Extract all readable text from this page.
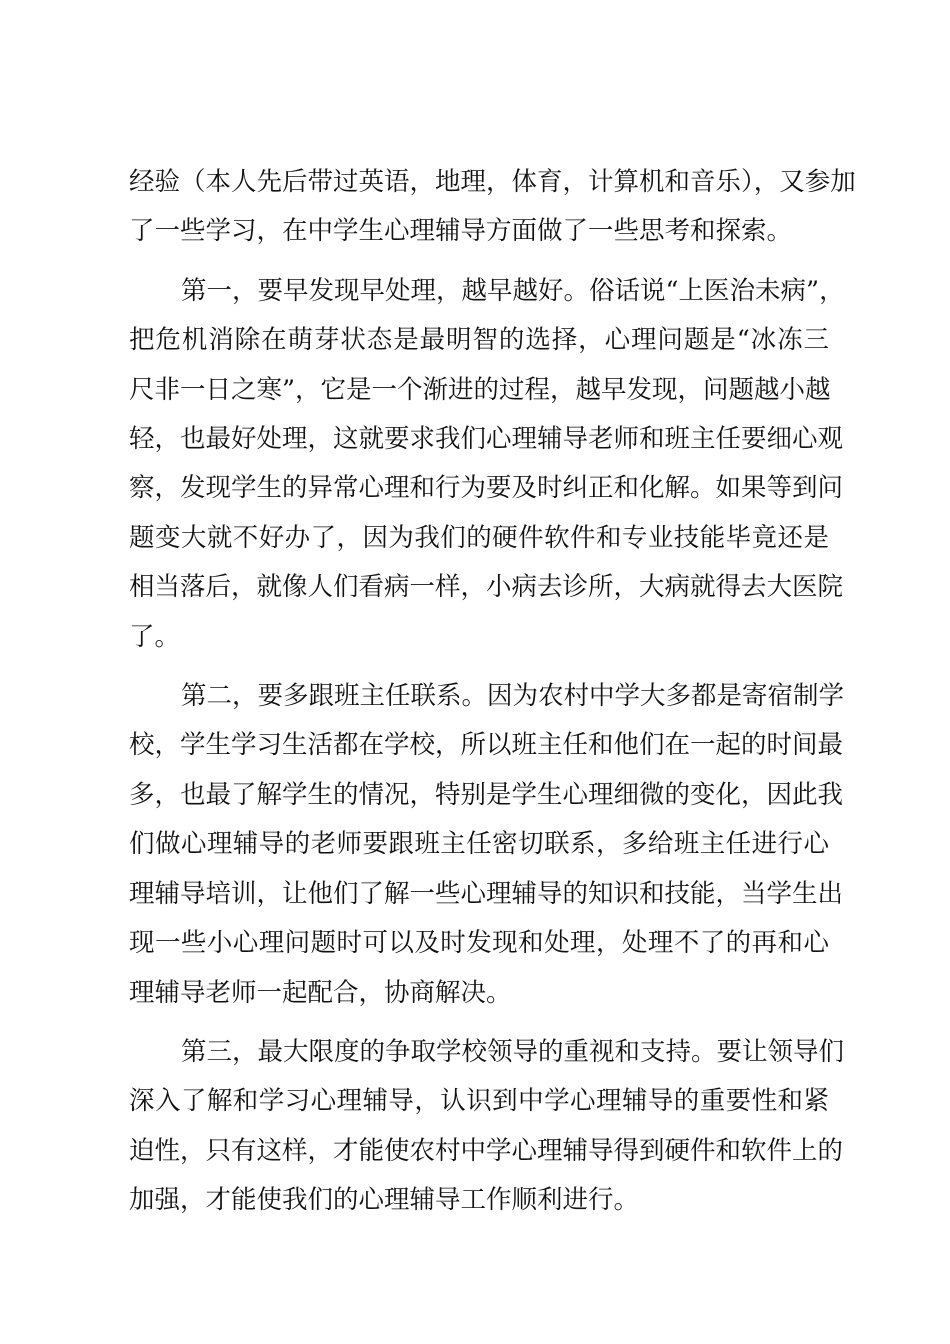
经验（本人先后带过英语，地理，体育，计算机和音乐），又参加
了一些学习，在中学生心理辅导方面做了一些思考和探索。
第一，要早发现早处理，越早越好。俗话说“上医治未病”，
把危机消除在萌芽状态是最明智的选择，心理问题是“冰冻三
尺非一日之寒”，它是一个渐进的过程，越早发现，问题越小越
轻，也最好处理，这就要求我们心理辅导老师和班主任要细心观
察，发现学生的异常心理和行为要及时纠正和化解。如果等到问
题变大就不好办了，因为我们的硬件软件和专业技能毕竟还是
相当落后，就像人们看病一样，小病去诊所，大病就得去大医院
了。
第二，要多跟班主任联系。因为农村中学大多都是寄宿制学
校，学生学习生活都在学校，所以班主任和他们在一起的时间最
多，也最了解学生的情况，特别是学生心理细微的变化，因此我
们做心理辅导的老师要跟班主任密切联系，多给班主任进行心
理辅导培训，让他们了解一些心理辅导的知识和技能，当学生出
现一些小心理问题时可以及时发现和处理，处理不了的再和心
理辅导老师一起配合，协商解决。
第三，最大限度的争取学校领导的重视和支持。要让领导们
深入了解和学习心理辅导，认识到中学心理辅导的重要性和紧
迫性，只有这样，才能使农村中学心理辅导得到硬件和软件上的
加强，才能使我们的心理辅导工作顺利进行。
